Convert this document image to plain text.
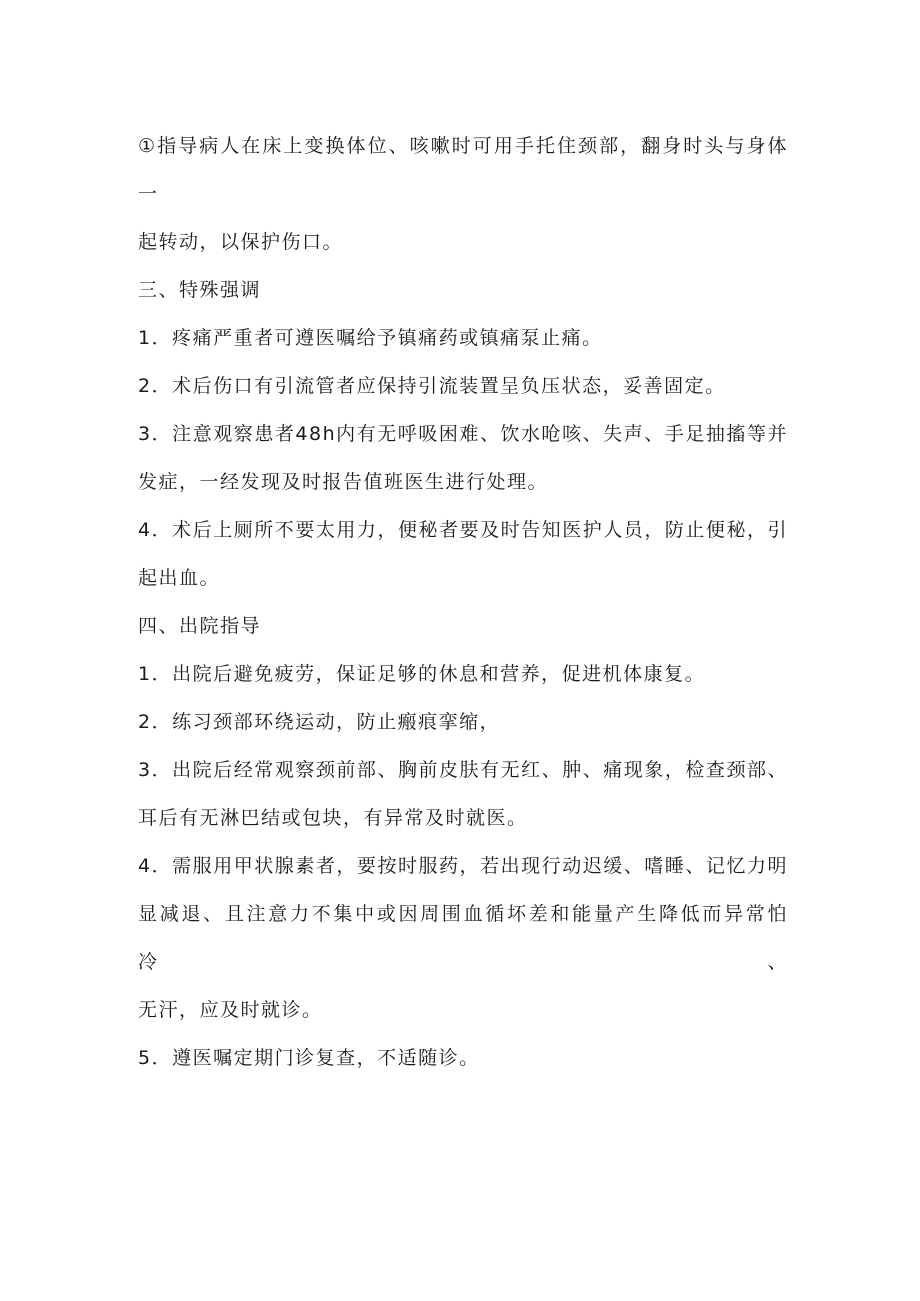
①指导病人在床上变换体位、咳嗽时可用手托住颈部，翻身时头与身体一
起转动，以保护伤口。
三、特殊强调
1．疼痛严重者可遵医嘱给予镇痛药或镇痛泵止痛。
2．术后伤口有引流管者应保持引流装置呈负压状态，妥善固定。
3．注意观察患者48h内有无呼吸困难、饮水呛咳、失声、手足抽搐等并
发症，一经发现及时报告值班医生进行处理。
4．术后上厕所不要太用力，便秘者要及时告知医护人员，防止便秘，引
起出血。
四、出院指导
1．出院后避免疲劳，保证足够的休息和营养，促进机体康复。
2．练习颈部环绕运动，防止瘢痕挛缩，
3．出院后经常观察颈前部、胸前皮肤有无红、肿、痛现象，检查颈部、
耳后有无淋巴结或包块，有异常及时就医。
4．需服用甲状腺素者，要按时服药，若出现行动迟缓、嗜睡、记忆力明
显减退、且注意力不集中或因周围血循坏差和能量产生降低而异常怕冷、
无汗，应及时就诊。
5．遵医嘱定期门诊复查，不适随诊。
